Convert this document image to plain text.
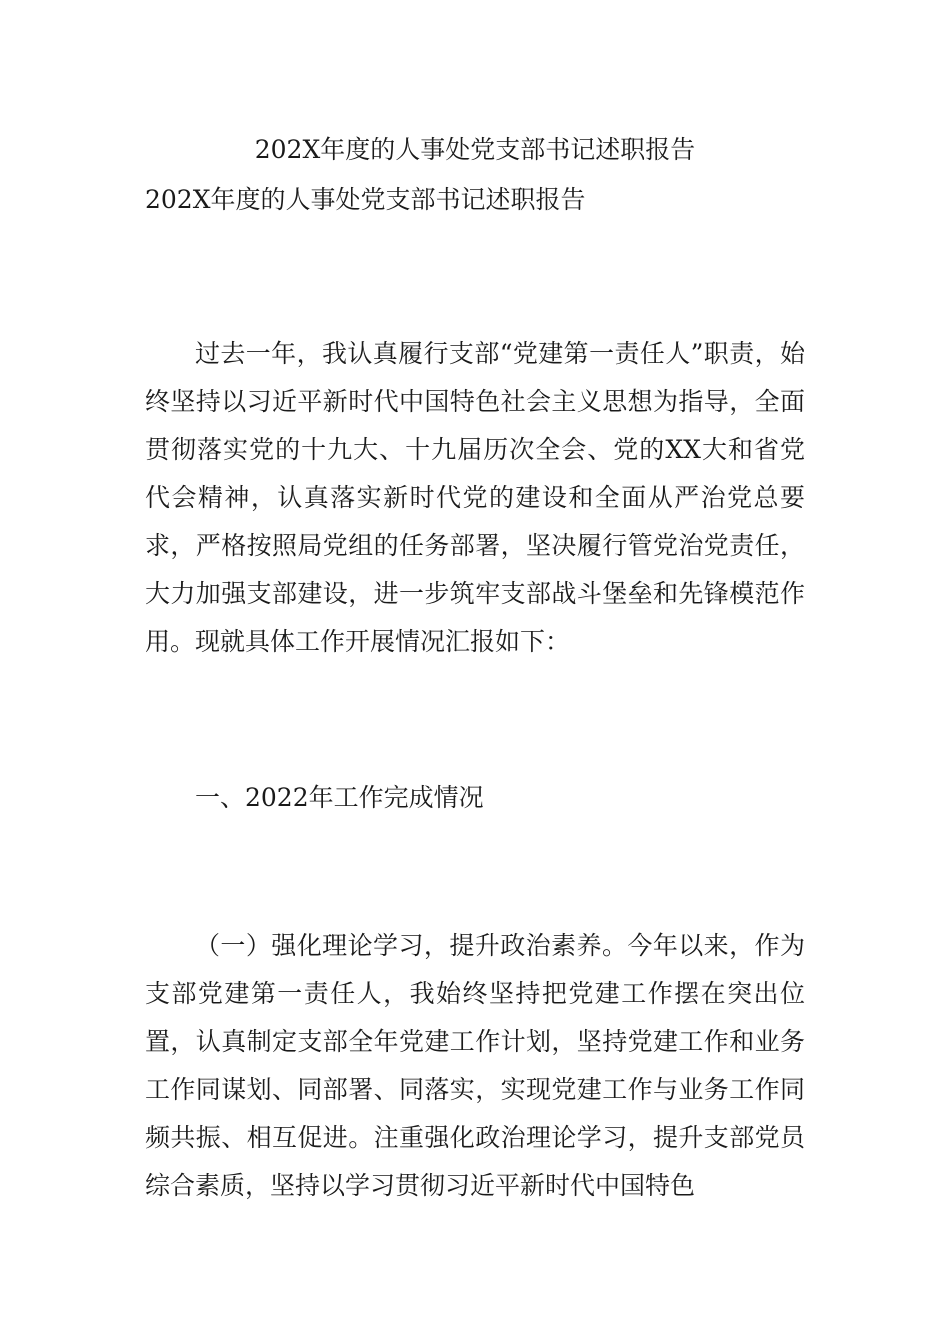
202X年度的人事处党支部书记述职报告
202X年度的人事处党支部书记述职报告

过去一年，我认真履行支部“党建第一责任人”职责，始终坚持以习近平新时代中国特色社会主义思想为指导，全面贯彻落实党的十九大、十九届历次全会、党的XX大和省党代会精神，认真落实新时代党的建设和全面从严治党总要求，严格按照局党组的任务部署，坚决履行管党治党责任，大力加强支部建设，进一步筑牢支部战斗堡垒和先锋模范作用。现就具体工作开展情况汇报如下：

一、2022年工作完成情况

（一）强化理论学习，提升政治素养。今年以来，作为支部党建第一责任人，我始终坚持把党建工作摆在突出位置，认真制定支部全年党建工作计划，坚持党建工作和业务工作同谋划、同部署、同落实，实现党建工作与业务工作同频共振、相互促进。注重强化政治理论学习，提升支部党员综合素质，坚持以学习贯彻习近平新时代中国特色
